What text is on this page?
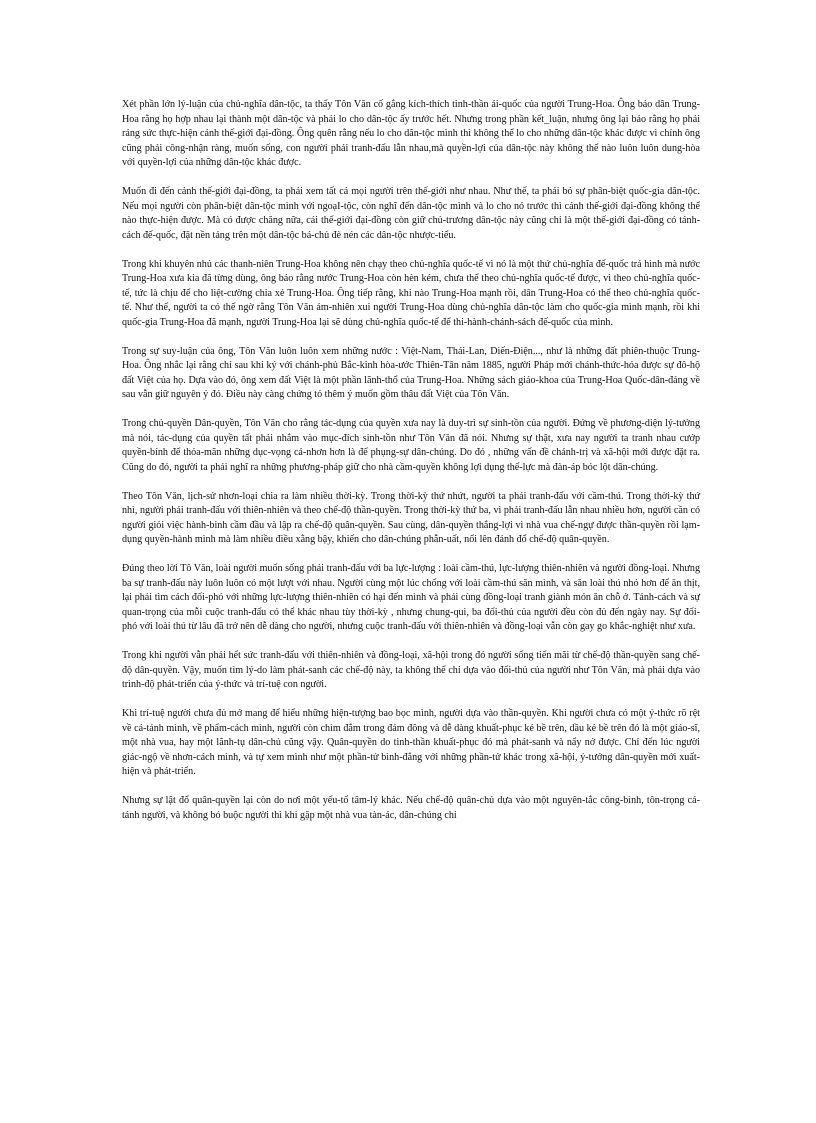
Xét phần lớn lý-luận của chủ-nghĩa dân-tộc, ta thấy Tôn Văn cố gắng kích-thích tinh-thần ái-quốc của người Trung-Hoa. Ông bảo dân Trung-Hoa rằng họ hợp nhau lại thành một dân-tộc và phải lo cho dân-tộc ấy trước hết. Nhưng trong phần kết_luận, nhưng ông lại bảo rằng họ phải ráng sức thực-hiện cảnh thế-giới đại-đồng. Ông quên rằng nếu lo cho dân-tộc mình thì không thể lo cho những dân-tộc khác được vì chính ông cũng phải công-nhận ràng, muốn sống, con người phải tranh-đấu lẫn nhau,mà quyền-lợi của dân-tộc này không thể nào luôn luôn dung-hòa với quyền-lợi của những dân-tộc khác được.

Muốn đi đến cảnh thế-giới đại-đồng, ta phải xem tất cả mọi người trên thế-giới như nhau. Như thế, ta phải bỏ sự phân-biệt quốc-gia dân-tộc. Nếu mọi người còn phân-biệt dân-tộc mình với ngoạI-tộc, còn nghĩ đến dân-tộc mình và lo cho nó trước thì cảnh thế-giới đại-đồng không thể nào thực-hiện được. Mà có được chăng nữa, cái thế-giới đại-đồng còn giữ chủ-trương dân-tộc này cũng chỉ là một thế-giới đại-đồng có tánh-cách đế-quốc, đặt nền tảng trên một dân-tộc bá-chủ đè nén các dân-tộc nhược-tiểu.

Trong khi khuyên nhủ các thanh-niên Trung-Hoa không nên chạy theo chủ-nghĩa quốc-tế vì nó là một thứ chủ-nghĩa đế-quốc trá hình mà nước Trung-Hoa xưa kia đã từng dùng, ông bảo rằng nước Trung-Hoa còn hèn kém, chưa thể theo chủ-nghĩa quốc-tế được, vì theo chủ-nghĩa quốc-tế, tức là chịu để cho liệt-cường chia xẻ Trung-Hoa. Ông tiếp rằng, khi nào Trung-Hoa mạnh rồi, dân Trung-Hoa có thể theo chủ-nghĩa quốc-tế. Như thế, người ta có thể ngờ rằng Tôn Văn ám-nhiên xui người Trung-Hoa dùng chủ-nghĩa dân-tộc làm cho quốc-gia mình mạnh, rồi khi quốc-gia Trung-Hoa đã mạnh, người Trung-Hoa lại sẽ dùng chủ-nghĩa quốc-tế để thi-hành-chánh-sách đế-quốc của mình.

Trong sự suy-luận của ông, Tôn Văn luôn luôn xem những nước : Việt-Nam, Thái-Lan, Diến-Điện..., như là những đất phiên-thuộc Trung-Hoa. Ông nhắc lại rằng chỉ sau khi ký với chánh-phủ Bắc-kinh hòa-ước Thiên-Tân năm 1885, người Pháp mới chánh-thức-hóa được sự đô-hộ đất Việt của họ. Dựa vào đó, ông xem đất Việt là một phần lãnh-thổ của Trung-Hoa. Những sách giáo-khoa của Trung-Hoa Quốc-dân-đảng về sau vẫn giữ nguyên ý đó. Điều này càng chứng tỏ thêm ý muốn gồm thâu đất Việt của Tôn Văn.

Trong chủ-quyền Dân-quyền, Tôn Văn cho rằng tác-dụng của quyền xưa nay là duy-trì sự sinh-tồn của người. Đứng về phương-diện lý-tưởng mà nói, tác-dụng của quyền tất phải nhắm vào mục-đích sinh-tồn như Tôn Văn đã nói. Nhưng sự thật, xưa nay người ta tranh nhau cướp quyền-bính để thỏa-mãn những dục-vọng cá-nhơn hơn là để phụng-sự dân-chúng. Do đó , những vấn đề chánh-trị và xã-hội mới được đặt ra. Cũng do đó, người ta phải nghĩ ra những phương-pháp giữ cho nhà cầm-quyền không lợi dụng thế-lực mà đàn-áp bóc lột dân-chúng.

Theo Tôn Văn, lịch-sử nhơn-loại chia ra làm nhiều thời-kỳ. Trong thời-kỳ thứ nhứt, người ta phải tranh-đấu với cầm-thú. Trong thời-kỳ thứ nhì, người phải tranh-đấu với thiên-nhiên và theo chế-độ thần-quyền. Trong thời-kỳ thứ ba, vì phải tranh-đấu lẫn nhau nhiều hơn, người cần có người giỏi việc hành-binh cầm đầu và lập ra chế-độ quân-quyền. Sau cùng, dân-quyền thắng-lợi vì nhà vua chế-ngự được thần-quyền rồi lạm-dụng quyền-hành mình mà làm nhiều điều xằng bậy, khiến cho dân-chúng phẫn-uất, nổi lên đánh đổ chế-độ quân-quyền.

Đúng theo lời Tô Văn, loài người muốn sống phải tranh-đấu với ba lực-lượng : loài cầm-thú, lực-lượng thiên-nhiên và người đồng-loại. Nhưng ba sự tranh-đấu này luôn luôn có một lượt với nhau. Người cùng một lúc chống với loài cầm-thú săn mình, và săn loài thú nhỏ hơn để ăn thịt, lại phải tìm cách đối-phó với những lực-lượng thiên-nhiên có hại đến mình và phải cùng đồng-loại tranh giành món ăn chỗ ở. Tánh-cách và sự quan-trọng của mỗi cuộc tranh-đấu có thể khác nhau tùy thời-kỳ , nhưng chung-qui, ba đối-thủ của người đều còn đủ đến ngày nay. Sự đối-phó với loài thú từ lâu đã trở nên dễ dàng cho người, nhưng cuộc tranh-đấu với thiên-nhiên và đồng-loại vẫn còn gay go khắc-nghiệt như xưa.

Trong khi người vẫn phải hết sức tranh-đấu với thiên-nhiên và đồng-loại, xã-hội trong đó người sống tiến mãi từ chế-độ thần-quyền sang chế-độ dân-quyền. Vậy, muốn tìm lý-do làm phát-sanh các chế-độ này, ta không thể chỉ dựa vào đối-thủ của người như Tôn Văn, mà phải dựa vào trình-độ phát-triển của ý-thức và trí-tuệ con người.

Khi trí-tuệ người chưa đủ mở mang để hiểu những hiện-tượng bao bọc mình, người dựa vào thần-quyền. Khi người chưa có một ý-thức rõ rệt về cá-tánh mình, về phẩm-cách mình, người còn chìm đắm trong đám đông và dễ dàng khuất-phục kẻ bề trên, dầu kẻ bề trên đó là một giáo-sĩ, một nhà vua, hay một lãnh-tụ dân-chủ cũng vậy. Quân-quyền do tinh-thần khuất-phục đó mà phát-sanh và nẩy nở được. Chỉ đến lúc người giác-ngộ về nhơn-cách mình, và tự xem mình như một phần-tử bình-đẳng với những phần-tử khác trong xã-hội, ý-tưởng dân-quyền mới xuất-hiện và phát-triển.

Nhưng sự lật đổ quân-quyền lại còn do nơi một yếu-tố tâm-lý khác. Nếu chế-độ quân-chủ dựa vào một nguyên-tắc công-bình, tôn-trọng cá-tánh người, và không bó buộc người thì khi gặp một nhà vua tàn-ác, dân-chúng chỉ
